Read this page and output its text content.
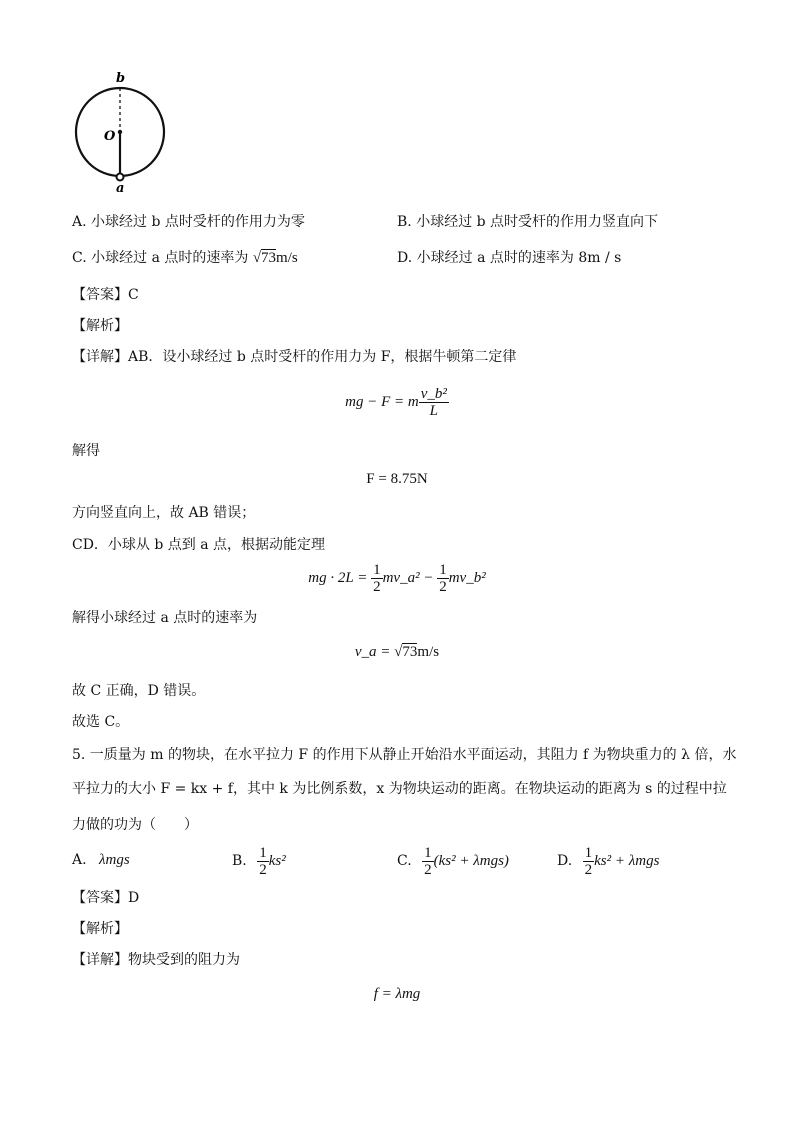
b
O
a
A. 小球经过 b 点时受杆的作用力为零	B. 小球经过 b 点时受杆的作用力竖直向下
C. 小球经过 a 点时的速率为 √73m/s	D. 小球经过 a 点时的速率为 8m / s
【答案】C
【解析】
【详解】AB．设小球经过 b 点时受杆的作用力为 F，根据牛顿第二定律
mg − F = m $\frac{\text{v\_b²}}{L}$
解得
F = 8.75N
方向竖直向上，故 AB 错误；
CD．小球从 b 点到 a 点，根据动能定理
mg · $2L = \frac{1}{2}$ mv_a² − $\frac{1}{2}$ mv_b²
解得小球经过 a 点时的速率为
v_a = √73m/s
故 C 正确，D 错误。
故选 C。
5. 一质量为 m 的物块，在水平拉力 F 的作用下从静止开始沿水平面运动，其阻力 f 为物块重力的 λ 倍，水
平拉力的大小 F = kx + f，其中 k 为比例系数，x 为物块运动的距离。在物块运动的距离为 s 的过程中拉
力做的功为（　　）
A. λmgs	B. $\frac{1}{2} ks^2$	C. $\frac{1}{2} (ks^2 + \lambda mgs)$	D. $\frac{1}{2} ks^2 + \lambda mgs$
【答案】D
【解析】
【详解】物块受到的阻力为
f = λmg
